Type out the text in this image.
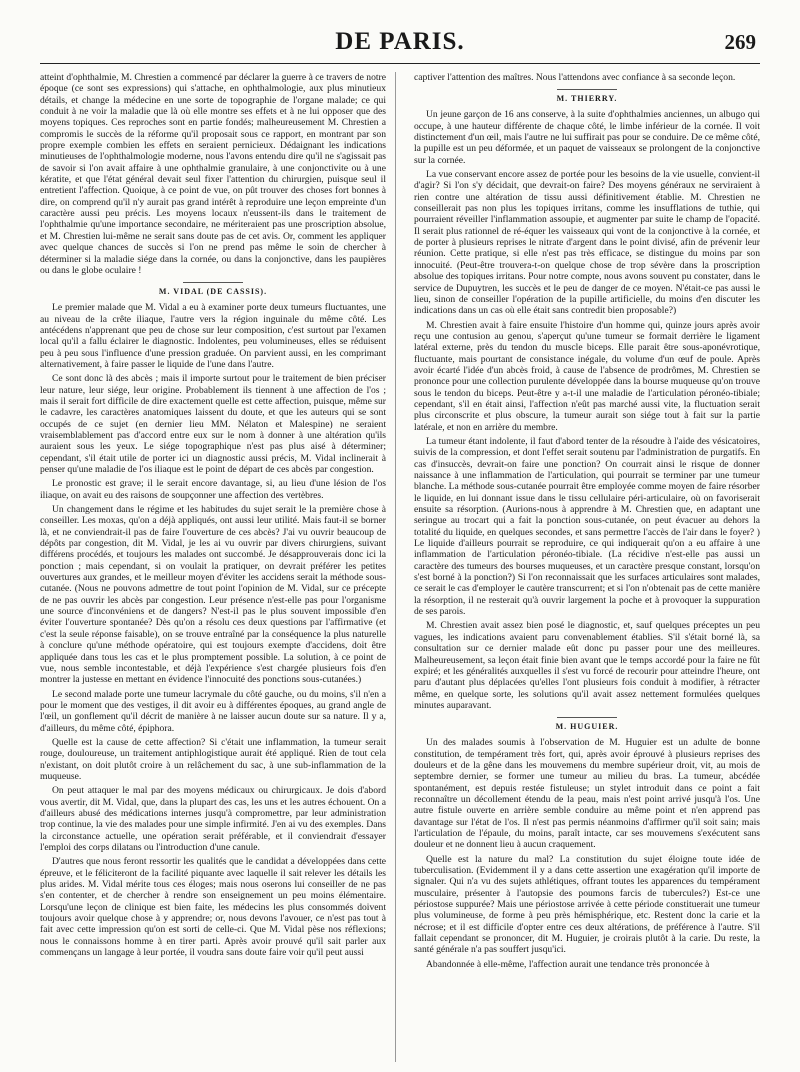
DE PARIS.	269

atteint d'ophthalmie, M. Chrestien a commencé par déclarer la guerre à ce travers de notre époque (ce sont ses expressions) qui s'attache, en ophthalmologie, aux plus minutieux détails, et change la médecine en une sorte de topographie de l'organe malade; ce qui conduit à ne voir la maladie que là où elle montre ses effets et à ne lui opposer que des moyens topiques. Ces reproches sont en partie fondés; malheureusement M. Chrestien a compromis le succès de la réforme qu'il proposait sous ce rapport, en montrant par son propre exemple combien les effets en seraient pernicieux. Dédaignant les indications minutieuses de l'ophthalmologie moderne, nous l'avons entendu dire qu'il ne s'agissait pas de savoir si l'on avait affaire à une ophthalmie granulaire, à une conjonctivite ou à une kératite, et que l'état général devait seul fixer l'attention du chirurgien, puisque seul il entretient l'affection. Quoique, à ce point de vue, on pût trouver des choses fort bonnes à dire, on comprend qu'il n'y aurait pas grand intérêt à reproduire une leçon empreinte d'un caractère aussi peu précis. Les moyens locaux n'eussent-ils dans le traitement de l'ophthalmie qu'une importance secondaire, ne mériteraient pas une proscription absolue, et M. Chrestien lui-même ne serait sans doute pas de cet avis. Or, comment les appliquer avec quelque chances de succès si l'on ne prend pas même le soin de chercher à déterminer si la maladie siége dans la cornée, ou dans la conjonctive, dans les paupières ou dans le globe oculaire !

M. VIDAL (DE CASSIS).

Le premier malade que M. Vidal a eu à examiner porte deux tumeurs fluctuantes, une au niveau de la crête iliaque, l'autre vers la région inguinale du même côté. Les antécédens n'apprenant que peu de chose sur leur composition, c'est surtout par l'examen local qu'il a fallu éclairer le diagnostic. Indolentes, peu volumineuses, elles se réduisent peu à peu sous l'influence d'une pression graduée. On parvient aussi, en les comprimant alternativement, à faire passer le liquide de l'une dans l'autre.

Ce sont donc là des abcès ; mais il importe surtout pour le traitement de bien préciser leur nature, leur siége, leur origine. Probablement ils tiennent à une affection de l'os ; mais il serait fort difficile de dire exactement quelle est cette affection, puisque, même sur le cadavre, les caractères anatomiques laissent du doute, et que les auteurs qui se sont occupés de ce sujet (en dernier lieu MM. Nélaton et Malespine) ne seraient vraisemblablement pas d'accord entre eux sur le nom à donner à une altération qu'ils auraient sous les yeux. Le siége topographique n'est pas plus aisé à déterminer; cependant, s'il était utile de porter ici un diagnostic aussi précis, M. Vidal inclinerait à penser qu'une maladie de l'os iliaque est le point de départ de ces abcès par congestion.

Le pronostic est grave; il le serait encore davantage, si, au lieu d'une lésion de l'os iliaque, on avait eu des raisons de soupçonner une affection des vertèbres.

Un changement dans le régime et les habitudes du sujet serait le la première chose à conseiller. Les moxas, qu'on a déjà appliqués, ont aussi leur utilité. Mais faut-il se borner là, et ne conviendrait-il pas de faire l'ouverture de ces abcès? J'ai vu ouvrir beaucoup de dépôts par congestion, dit M. Vidal, je les ai vu ouvrir par divers chirurgiens, suivant différens procédés, et toujours les malades ont succombé. Je désapprouverais donc ici la ponction ; mais cependant, si on voulait la pratiquer, on devrait préférer les petites ouvertures aux grandes, et le meilleur moyen d'éviter les accidens serait la méthode sous-cutanée. (Nous ne pouvons admettre de tout point l'opinion de M. Vidal, sur ce précepte de ne pas ouvrir les abcès par congestion. Leur présence n'est-elle pas pour l'organisme une source d'inconvéniens et de dangers? N'est-il pas le plus souvent impossible d'en éviter l'ouverture spontanée? Dès qu'on a résolu ces deux questions par l'affirmative (et c'est la seule réponse faisable), on se trouve entraîné par la conséquence la plus naturelle à conclure qu'une méthode opératoire, qui est toujours exempte d'accidens, doit être appliquée dans tous les cas et le plus promptement possible. La solution, à ce point de vue, nous semble incontestable, et déjà l'expérience s'est chargée plusieurs fois d'en montrer la justesse en mettant en évidence l'innocuité des ponctions sous-cutanées.)

Le second malade porte une tumeur lacrymale du côté gauche, ou du moins, s'il n'en a pour le moment que des vestiges, il dit avoir eu à différentes époques, au grand angle de l'œil, un gonflement qu'il décrit de manière à ne laisser aucun doute sur sa nature. Il y a, d'ailleurs, du même côté, épiphora.

Quelle est la cause de cette affection? Si c'était une inflammation, la tumeur serait rouge, douloureuse, un traitement antiphlogistique aurait été appliqué. Rien de tout cela n'existant, on doit plutôt croire à un relâchement du sac, à une sub-inflammation de la muqueuse.

On peut attaquer le mal par des moyens médicaux ou chirurgicaux. Je dois d'abord vous avertir, dit M. Vidal, que, dans la plupart des cas, les uns et les autres échouent. On a d'ailleurs abusé des médications internes jusqu'à compromettre, par leur administration trop continue, la vie des malades pour une simple infirmité. J'en ai vu des exemples. Dans la circonstance actuelle, une opération serait préférable, et il conviendrait d'essayer l'emploi des corps dilatans ou l'introduction d'une canule.

D'autres que nous feront ressortir les qualités que le candidat a développées dans cette épreuve, et le féliciteront de la facilité piquante avec laquelle il sait relever les détails les plus arides. M. Vidal mérite tous ces éloges; mais nous oserons lui conseiller de ne pas s'en contenter, et de chercher à rendre son enseignement un peu moins élémentaire. Lorsqu'une leçon de clinique est bien faite, les médecins les plus consommés doivent toujours avoir quelque chose à y apprendre; or, nous devons l'avouer, ce n'est pas tout à fait avec cette impression qu'on est sorti de celle-ci. Que M. Vidal pèse nos réflexions; nous le connaissons homme à en tirer parti. Après avoir prouvé qu'il sait parler aux commençans un langage à leur portée, il voudra sans doute faire voir qu'il peut aussi

captiver l'attention des maîtres. Nous l'attendons avec confiance à sa seconde leçon.

M. THIERRY.

Un jeune garçon de 16 ans conserve, à la suite d'ophthalmies anciennes, un albugo qui occupe, à une hauteur différente de chaque côté, le limbe inférieur de la cornée. Il voit distinctement d'un œil, mais l'autre ne lui suffirait pas pour se conduire. De ce même côté, la pupille est un peu déformée, et un paquet de vaisseaux se prolongent de la conjonctive sur la cornée.

La vue conservant encore assez de portée pour les besoins de la vie usuelle, convient-il d'agir? Si l'on s'y décidait, que devrait-on faire? Des moyens généraux ne serviraient à rien contre une altération de tissu aussi définitivement établie. M. Chrestien ne conseillerait pas non plus les topiques irritans, comme les insufflations de tuthie, qui pourraient réveiller l'inflammation assoupie, et augmenter par suite le champ de l'opacité. Il serait plus rationnel de ré-équer les vaisseaux qui vont de la conjonctive à la cornée, et de porter à plusieurs reprises le nitrate d'argent dans le point divisé, afin de prévenir leur réunion. Cette pratique, si elle n'est pas très efficace, se distingue du moins par son innocuité. (Peut-être trouvera-t-on quelque chose de trop sévère dans la proscription absolue des topiques irritans. Pour notre compte, nous avons souvent pu constater, dans le service de Dupuytren, les succès et le peu de danger de ce moyen. N'était-ce pas aussi le lieu, sinon de conseiller l'opération de la pupille artificielle, du moins d'en discuter les indications dans un cas où elle était sans contredit bien proposable?)

M. Chrestien avait à faire ensuite l'histoire d'un homme qui, quinze jours après avoir reçu une contusion au genou, s'aperçut qu'une tumeur se formait derrière le ligament latéral externe, près du tendon du muscle biceps. Elle parait être sous-aponévrotique, fluctuante, mais pourtant de consistance inégale, du volume d'un œuf de poule. Après avoir écarté l'idée d'un abcès froid, à cause de l'absence de prodrômes, M. Chrestien se prononce pour une collection purulente développée dans la bourse muqueuse qu'on trouve sous le tendon du biceps. Peut-être y a-t-il une maladie de l'articulation péronéo-tibiale; cependant, s'il en était ainsi, l'affection n'eût pas marché aussi vite, la fluctuation serait plus circonscrite et plus obscure, la tumeur aurait son siége tout à fait sur la partie latérale, et non en arrière du membre.

La tumeur étant indolente, il faut d'abord tenter de la résoudre à l'aide des vésicatoires, suivis de la compression, et dont l'effet serait soutenu par l'administration de purgatifs. En cas d'insuccès, devrait-on faire une ponction? On courrait ainsi le risque de donner naissance à une inflammation de l'articulation, qui pourrait se terminer par une tumeur blanche. La méthode sous-cutanée pourrait être employée comme moyen de faire résorber le liquide, en lui donnant issue dans le tissu cellulaire péri-articulaire, où on favoriserait ensuite sa résorption. (Aurions-nous à apprendre à M. Chrestien que, en adaptant une seringue au trocart qui a fait la ponction sous-cutanée, on peut évacuer au dehors la totalité du liquide, en quelques secondes, et sans permettre l'accès de l'air dans le foyer? ) Le liquide d'ailleurs pourrait se reproduire, ce qui indiquerait qu'on a eu affaire à une inflammation de l'articulation péronéo-tibiale. (La récidive n'est-elle pas aussi un caractère des tumeurs des bourses muqueuses, et un caractère presque constant, lorsqu'on s'est borné à la ponction?) Si l'on reconnaissait que les surfaces articulaires sont malades, ce serait le cas d'employer le cautère transcurrent; et si l'on n'obtenait pas de cette manière la résorption, il ne resterait qu'à ouvrir largement la poche et à provoquer la suppuration de ses parois.

M. Chrestien avait assez bien posé le diagnostic, et, sauf quelques préceptes un peu vagues, les indications avaient paru convenablement établies. S'il s'était borné là, sa consultation sur ce dernier malade eût donc pu passer pour une des meilleures. Malheureusement, sa leçon était finie bien avant que le temps accordé pour la faire ne fût expiré; et les généralités auxquelles il s'est vu forcé de recourir pour atteindre l'heure, ont paru d'autant plus déplacées qu'elles l'ont plusieurs fois conduit à modifier, à rétracter même, en quelque sorte, les solutions qu'il avait assez nettement formulées quelques minutes auparavant.

M. HUGUIER.

Un des malades soumis à l'observation de M. Huguier est un adulte de bonne constitution, de tempérament très fort, qui, après avoir éprouvé à plusieurs reprises des douleurs et de la gêne dans les mouvemens du membre supérieur droit, vit, au mois de septembre dernier, se former une tumeur au milieu du bras. La tumeur, abcédée spontanément, est depuis restée fistuleuse; un stylet introduit dans ce point a fait reconnaître un décollement étendu de la peau, mais n'est point arrivé jusqu'à l'os. Une autre fistule ouverte en arrière semble conduire au même point et n'en apprend pas davantage sur l'état de l'os. Il n'est pas permis néanmoins d'affirmer qu'il soit sain; mais l'articulation de l'épaule, du moins, paraît intacte, car ses mouvemens s'exécutent sans douleur et ne donnent lieu à aucun craquement.

Quelle est la nature du mal? La constitution du sujet éloigne toute idée de tuberculisation. (Evidemment il y a dans cette assertion une exagération qu'il importe de signaler. Qui n'a vu des sujets athlétiques, offrant toutes les apparences du tempérament musculaire, présenter à l'autopsie des poumons farcis de tubercules?) Est-ce une périostose suppurée? Mais une périostose arrivée à cette période constituerait une tumeur plus volumineuse, de forme à peu près hémisphérique, etc. Restent donc la carie et la nécrose; et il est difficile d'opter entre ces deux altérations, de préférence à l'autre. S'il fallait cependant se prononcer, dit M. Huguier, je croirais plutôt à la carie. Du reste, la santé générale n'a pas souffert jusqu'ici.

Abandonnée à elle-même, l'affection aurait une tendance très prononcée à
